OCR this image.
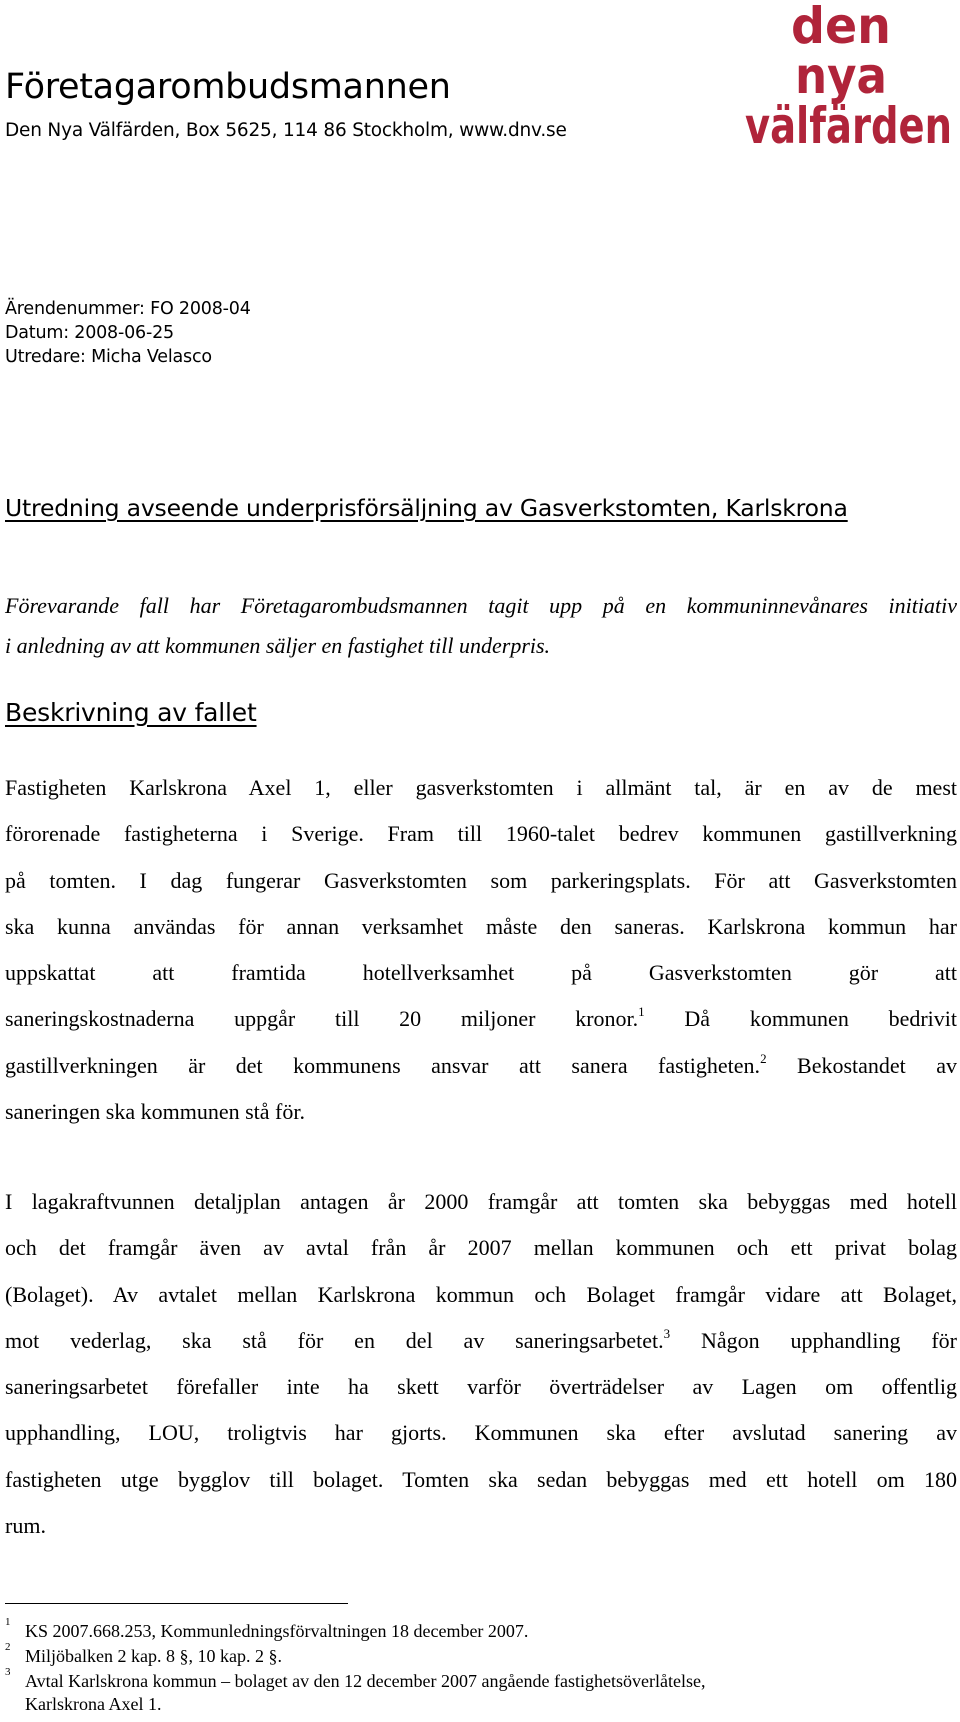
Företagarombudsmannen
Den Nya Välfärden, Box 5625, 114 86 Stockholm, www.dnv.se
den
nya
välfärden
Ärendenummer: FO 2008-04
Datum: 2008-06-25
Utredare: Micha Velasco
Utredning avseende underprisförsäljning av Gasverkstomten, Karlskrona
Förevarande fall har Företagarombudsmannen tagit upp på en kommuninnevånares initiativ
i anledning av att kommunen säljer en fastighet till underpris.
Beskrivning av fallet
Fastigheten Karlskrona Axel 1, eller gasverkstomten i allmänt tal, är en av de mest
förorenade fastigheterna i Sverige. Fram till 1960-talet bedrev kommunen gastillverkning
på tomten. I dag fungerar Gasverkstomten som parkeringsplats. För att Gasverkstomten
ska kunna användas för annan verksamhet måste den saneras. Karlskrona kommun har
uppskattat att framtida hotellverksamhet på Gasverkstomten gör att
saneringskostnaderna uppgår till 20 miljoner kronor.$^1$ Då kommunen bedrivit
gastillverkningen är det kommunens ansvar att sanera fastigheten.$^2$ Bekostandet av
saneringen ska kommunen stå för.
I lagakraftvunnen detaljplan antagen år 2000 framgår att tomten ska bebyggas med hotell
och det framgår även av avtal från år 2007 mellan kommunen och ett privat bolag
(Bolaget). Av avtalet mellan Karlskrona kommun och Bolaget framgår vidare att Bolaget,
mot vederlag, ska stå för en del av saneringsarbetet.$^3$ Någon upphandling för
saneringsarbetet förefaller inte ha skett varför överträdelser av Lagen om offentlig
upphandling, LOU, troligtvis har gjorts. Kommunen ska efter avslutad sanering av
fastigheten utge bygglov till bolaget. Tomten ska sedan bebyggas med ett hotell om 180
rum.
1 KS 2007.668.253, Kommunledningsförvaltningen 18 december 2007.
2 Miljöbalken 2 kap. 8 §, 10 kap. 2 §.
3 Avtal Karlskrona kommun – bolaget av den 12 december 2007 angående fastighetsöverlåtelse,
Karlskrona Axel 1.
